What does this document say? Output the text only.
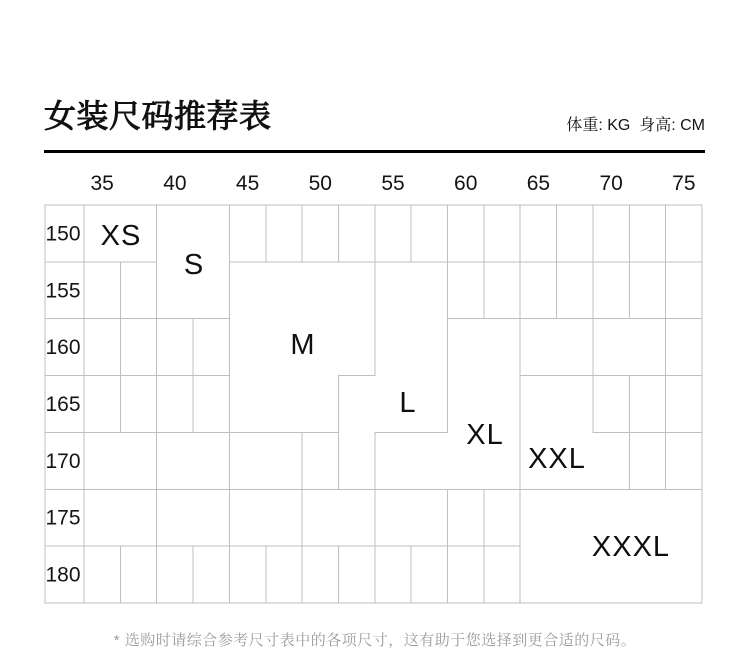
女装尺码推荐表	体重: KG  身高: CM
150
155
160
165
170
175
180
XS
S
M
L
XL
XXL
XXXL
35 40 45 50 55 60 65 70 75
* 选购时请综合参考尺寸表中的各项尺寸，这有助于您选择到更合适的尺码。
